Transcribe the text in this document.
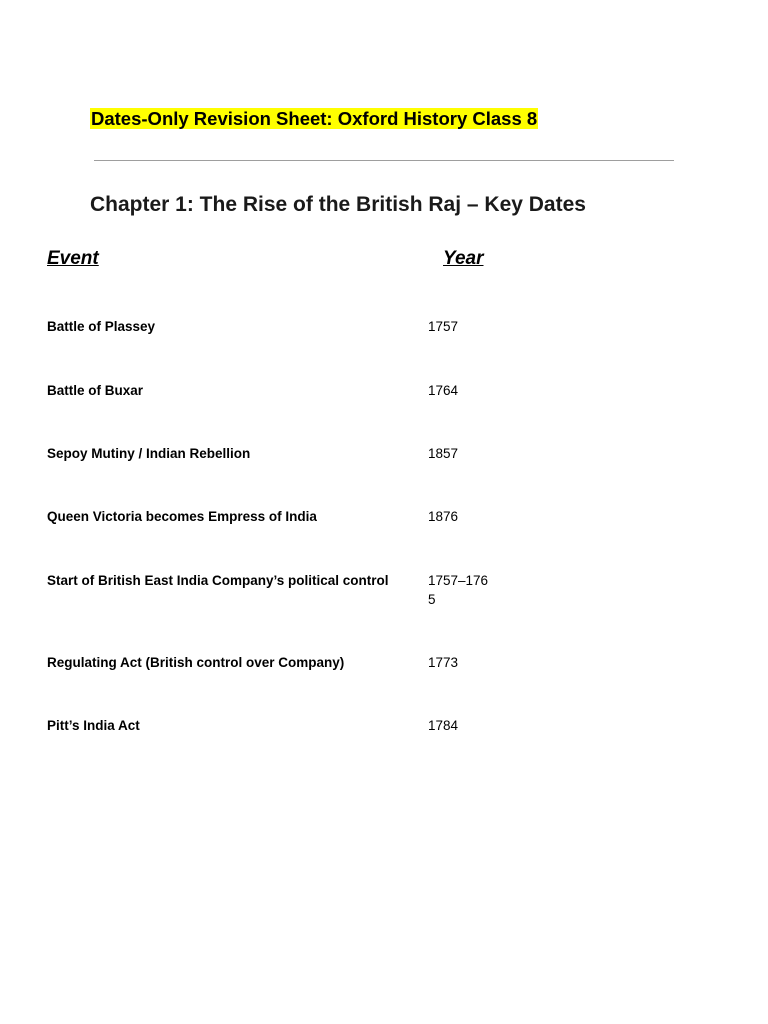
Dates-Only Revision Sheet: Oxford History Class 8
Chapter 1: The Rise of the British Raj – Key Dates
Event	Year
Battle of Plassey	1757
Battle of Buxar	1764
Sepoy Mutiny / Indian Rebellion	1857
Queen Victoria becomes Empress of India	1876
Start of British East India Company’s political control	1757–1765
Regulating Act (British control over Company)	1773
Pitt’s India Act	1784
